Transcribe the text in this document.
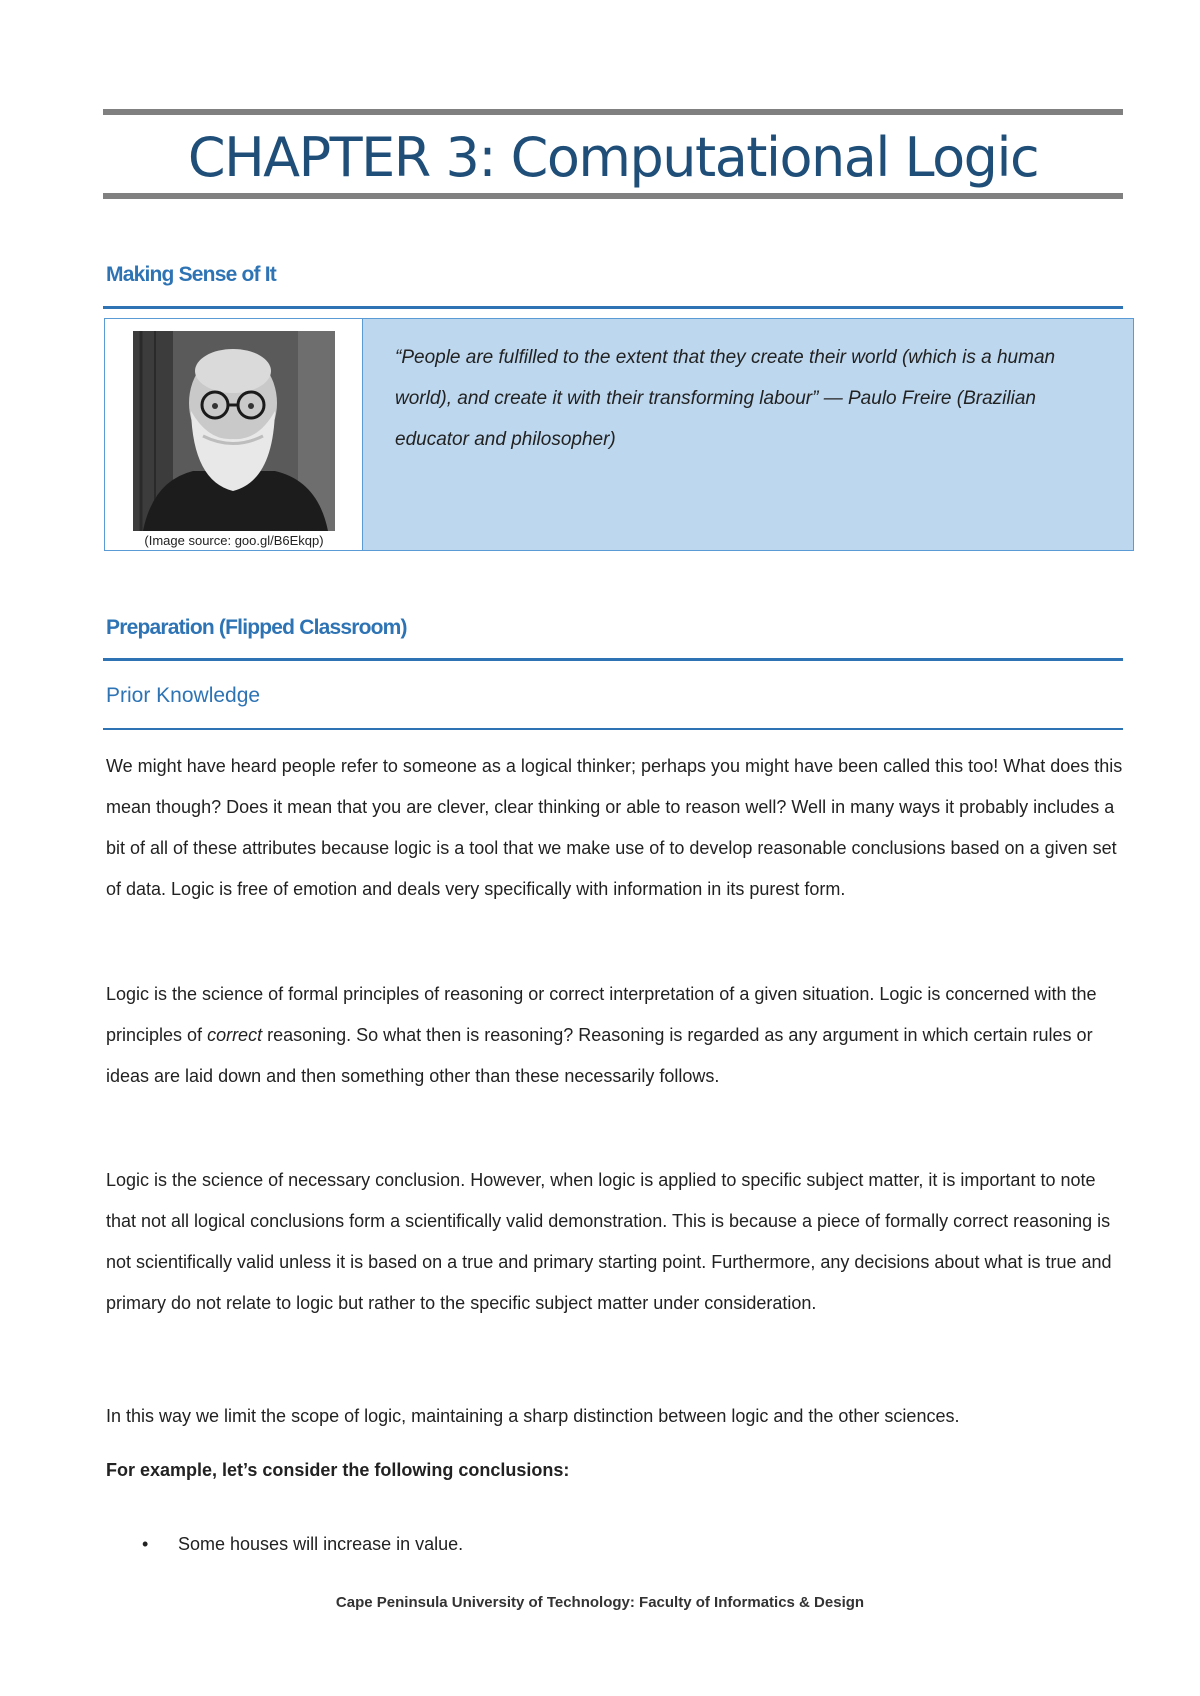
CHAPTER 3: Computational Logic
Making Sense of It
(Image source: goo.gl/B6Ekqp)

“People are fulfilled to the extent that they create their world (which is a human world), and create it with their transforming labour” — Paulo Freire (Brazilian educator and philosopher)

Preparation (Flipped Classroom)
Prior Knowledge

We might have heard people refer to someone as a logical thinker; perhaps you might have been called this too! What does this mean though? Does it mean that you are clever, clear thinking or able to reason well? Well in many ways it probably includes a bit of all of these attributes because logic is a tool that we make use of to develop reasonable conclusions based on a given set of data. Logic is free of emotion and deals very specifically with information in its purest form.

Logic is the science of formal principles of reasoning or correct interpretation of a given situation. Logic is concerned with the principles of correct reasoning. So what then is reasoning? Reasoning is regarded as any argument in which certain rules or ideas are laid down and then something other than these necessarily follows.

Logic is the science of necessary conclusion. However, when logic is applied to specific subject matter, it is important to note that not all logical conclusions form a scientifically valid demonstration. This is because a piece of formally correct reasoning is not scientifically valid unless it is based on a true and primary starting point. Furthermore, any decisions about what is true and primary do not relate to logic but rather to the specific subject matter under consideration.

In this way we limit the scope of logic, maintaining a sharp distinction between logic and the other sciences.

For example, let’s consider the following conclusions:

• Some houses will increase in value.

Cape Peninsula University of Technology: Faculty of Informatics & Design
